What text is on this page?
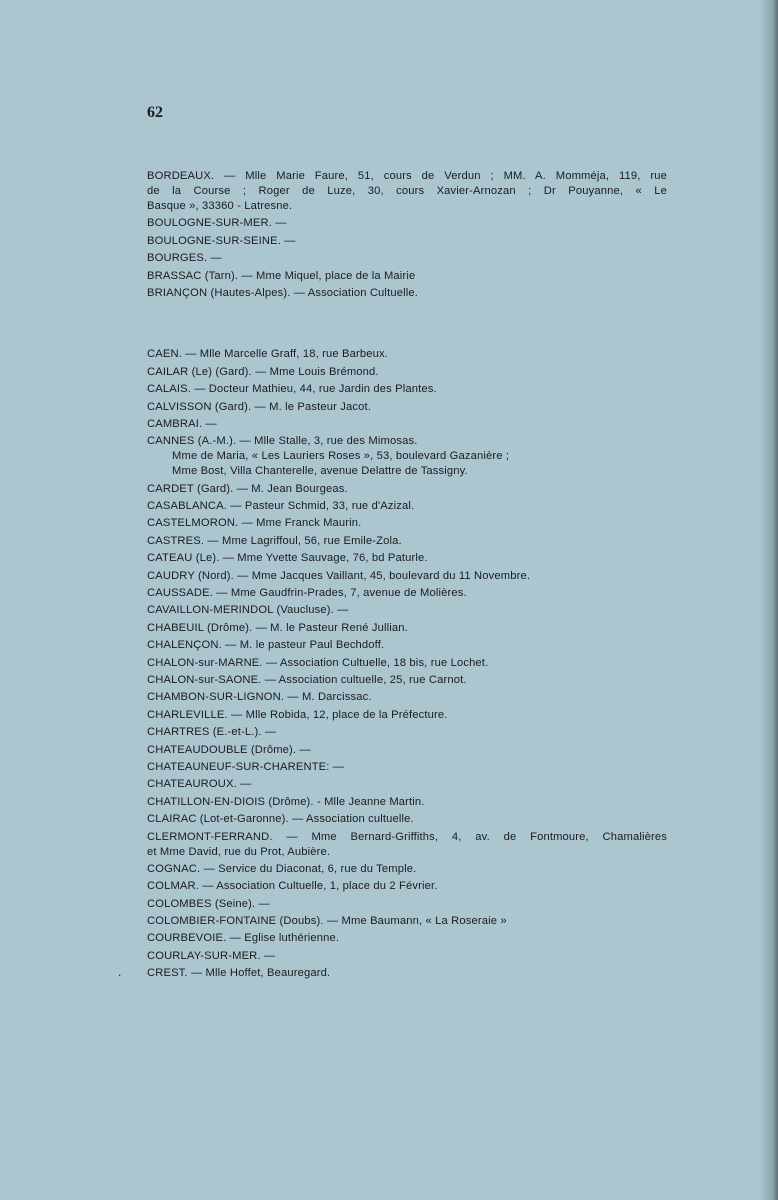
62
BORDEAUX. — Mlle Marie Faure, 51, cours de Verdun ; MM. A. Momméja, 119, rue
de la Course ; Roger de Luze, 30, cours Xavier-Arnozan ; Dr Pouyanne, « Le
Basque », 33360 - Latresne.
BOULOGNE-SUR-MER. —
BOULOGNE-SUR-SEINE. —
BOURGES. —
BRASSAC (Tarn). — Mme Miquel, place de la Mairie
BRIANÇON (Hautes-Alpes). — Association Cultuelle.
CAEN. — Mlle Marcelle Graff, 18, rue Barbeux.
CAILAR (Le) (Gard). — Mme Louis Brémond.
CALAIS. — Docteur Mathieu, 44, rue Jardin des Plantes.
CALVISSON (Gard). — M. le Pasteur Jacot.
CAMBRAI. —
CANNES (A.-M.). — Mlle Stalle, 3, rue des Mimosas.
Mme de Maria, « Les Lauriers Roses », 53, boulevard Gazanière ;
Mme Bost, Villa Chanterelle, avenue Delattre de Tassigny.
CARDET (Gard). — M. Jean Bourgeas.
CASABLANCA. — Pasteur Schmid, 33, rue d'Azizal.
CASTELMORON. — Mme Franck Maurin.
CASTRES. — Mme Lagriffoul, 56, rue Emile-Zola.
CATEAU (Le). — Mme Yvette Sauvage, 76, bd Paturle.
CAUDRY (Nord). — Mme Jacques Vaillant, 45, boulevard du 11 Novembre.
CAUSSADE. — Mme Gaudfrin-Prades, 7, avenue de Molières.
CAVAILLON-MERINDOL (Vaucluse). —
CHABEUIL (Drôme). — M. le Pasteur René Jullian.
CHALENÇON. — M. le pasteur Paul Bechdoff.
CHALON-sur-MARNE. — Association Cultuelle, 18 bis, rue Lochet.
CHALON-sur-SAONE. — Association cultuelle, 25, rue Carnot.
CHAMBON-SUR-LIGNON. — M. Darcissac.
CHARLEVILLE. — Mlle Robida, 12, place de la Préfecture.
CHARTRES (E.-et-L.). —
CHATEAUDOUBLE (Drôme). —
CHATEAUNEUF-SUR-CHARENTE: —
CHATEAUROUX. —
CHATILLON-EN-DIOIS (Drôme). - Mlle Jeanne Martin.
CLAIRAC (Lot-et-Garonne). — Association cultuelle.
CLERMONT-FERRAND. — Mme Bernard-Griffiths, 4, av. de Fontmoure, Chamalières
et Mme David, rue du Prot, Aubière.
COGNAC. — Service du Diaconat, 6, rue du Temple.
COLMAR. — Association Cultuelle, 1, place du 2 Février.
COLOMBES (Seine). —
COLOMBIER-FONTAINE (Doubs). — Mme Baumann, « La Roseraie »
COURBEVOIE. — Eglise luthérienne.
COURLAY-SUR-MER. —
CREST. — Mlle Hoffet, Beauregard.
.
